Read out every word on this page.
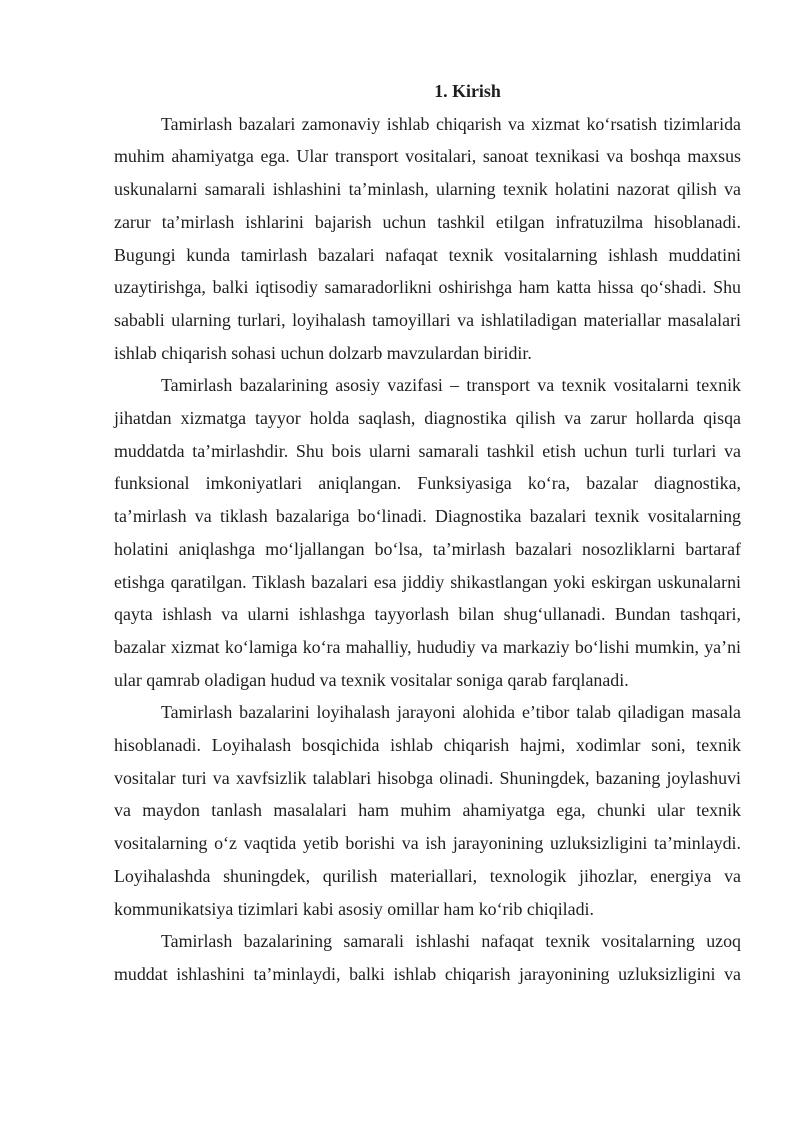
1. Kirish

Tamirlash bazalari zamonaviy ishlab chiqarish va xizmat ko‘rsatish tizimlarida muhim ahamiyatga ega. Ular transport vositalari, sanoat texnikasi va boshqa maxsus uskunalarni samarali ishlashini ta’minlash, ularning texnik holatini nazorat qilish va zarur ta’mirlash ishlarini bajarish uchun tashkil etilgan infratuzilma hisoblanadi. Bugungi kunda tamirlash bazalari nafaqat texnik vositalarning ishlash muddatini uzaytirishga, balki iqtisodiy samaradorlikni oshirishga ham katta hissa qo‘shadi. Shu sababli ularning turlari, loyihalash tamoyillari va ishlatiladigan materiallar masalalari ishlab chiqarish sohasi uchun dolzarb mavzulardan biridir.

Tamirlash bazalarining asosiy vazifasi – transport va texnik vositalarni texnik jihatdan xizmatga tayyor holda saqlash, diagnostika qilish va zarur hollarda qisqa muddatda ta’mirlashdir. Shu bois ularni samarali tashkil etish uchun turli turlari va funksional imkoniyatlari aniqlangan. Funksiyasiga ko‘ra, bazalar diagnostika, ta’mirlash va tiklash bazalariga bo‘linadi. Diagnostika bazalari texnik vositalarning holatini aniqlashga mo‘ljallangan bo‘lsa, ta’mirlash bazalari nosozliklarni bartaraf etishga qaratilgan. Tiklash bazalari esa jiddiy shikastlangan yoki eskirgan uskunalarni qayta ishlash va ularni ishlashga tayyorlash bilan shug‘ullanadi. Bundan tashqari, bazalar xizmat ko‘lamiga ko‘ra mahalliy, hududiy va markaziy bo‘lishi mumkin, ya’ni ular qamrab oladigan hudud va texnik vositalar soniga qarab farqlanadi.

Tamirlash bazalarini loyihalash jarayoni alohida e’tibor talab qiladigan masala hisoblanadi. Loyihalash bosqichida ishlab chiqarish hajmi, xodimlar soni, texnik vositalar turi va xavfsizlik talablari hisobga olinadi. Shuningdek, bazaning joylashuvi va maydon tanlash masalalari ham muhim ahamiyatga ega, chunki ular texnik vositalarning o‘z vaqtida yetib borishi va ish jarayonining uzluksizligini ta’minlaydi. Loyihalashda shuningdek, qurilish materiallari, texnologik jihozlar, energiya va kommunikatsiya tizimlari kabi asosiy omillar ham ko‘rib chiqiladi.

Tamirlash bazalarining samarali ishlashi nafaqat texnik vositalarning uzoq muddat ishlashini ta’minlaydi, balki ishlab chiqarish jarayonining uzluksizligini va
